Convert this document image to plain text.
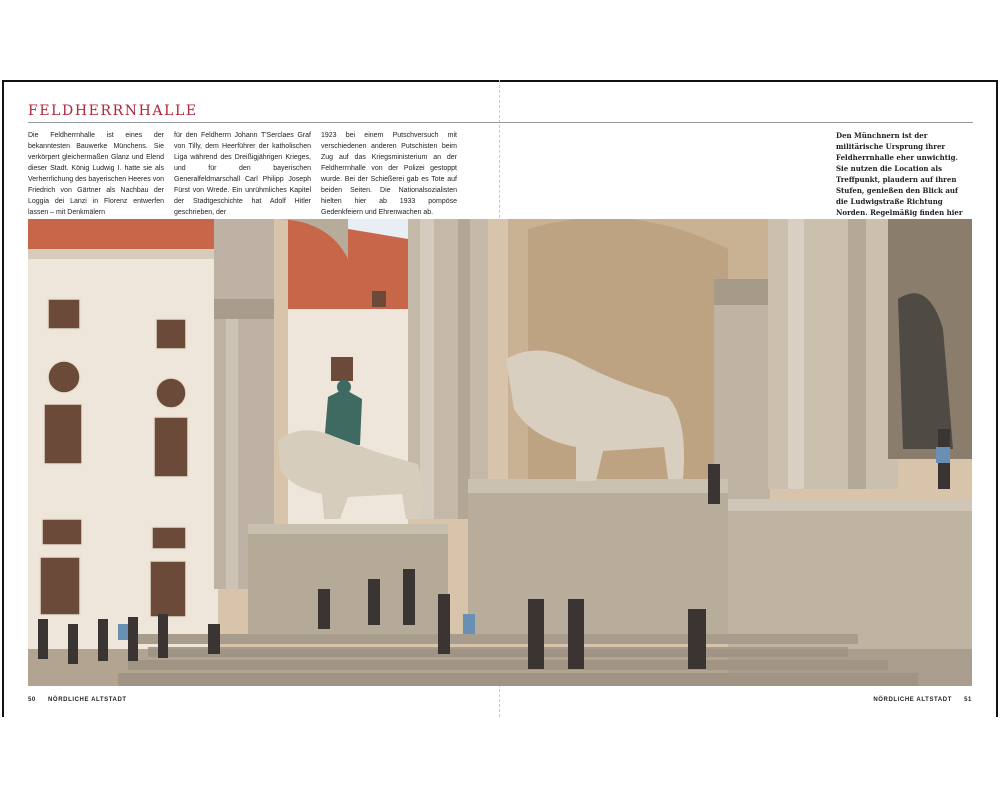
FELDHERRNHALLE

Die Feldherrnhalle ist eines der bekanntesten Bauwerke Münchens. Sie verkörpert gleichermaßen Glanz und Elend dieser Stadt. König Ludwig I. hatte sie als Verherrlichung des bayerischen Heeres von Friedrich von Gärtner als Nachbau der Loggia dei Lanzi in Florenz entwerfen lassen – mit Denkmälern

für den Feldherrn Johann T'Serclaes Graf von Tilly, dem Heerführer der katholischen Liga während des Dreißigjährigen Krieges, und für den bayerischen Generalfeldmarschall Carl Philipp Joseph Fürst von Wrede. Ein unrühmliches Kapitel der Stadtgeschichte hat Adolf Hitler geschrieben, der

1923 bei einem Putschversuch mit verschiedenen anderen Putschisten beim Zug auf das Kriegsministerium an der Feldherrnhalle von der Polizei gestoppt wurde. Bei der Schießerei gab es Tote auf beiden Seiten. Die Nationalsozialisten hielten hier ab 1933 pompöse Gedenkfeiern und Ehrenwachen ab.

Den Münchnern ist der militärische Ursprung ihrer Feldherrnhalle eher unwichtig. Sie nutzen die Location als Treffpunkt, plaudern auf ihren Stufen, genießen den Blick auf die Ludwigstraße Richtung Norden. Regelmäßig finden hier

50 NÖRDLICHE ALTSTADT	NÖRDLICHE ALTSTADT 51
